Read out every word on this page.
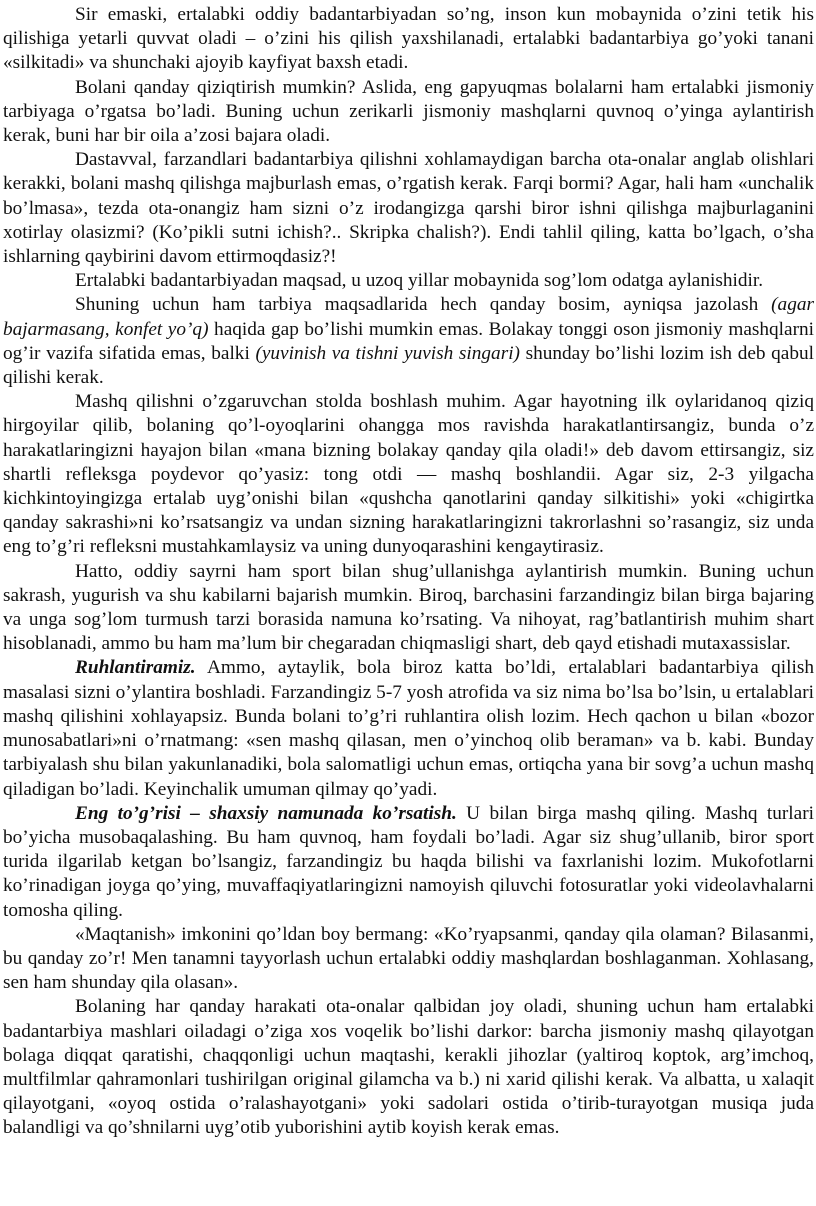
Sir emaski, ertalabki oddiy badantarbiyadan so’ng, inson kun mobaynida o’zini tetik his qilishiga yetarli quvvat oladi – o’zini his qilish yaxshilanadi, ertalabki badantarbiya go’yoki tanani «silkitadi» va shunchaki ajoyib kayfiyat baxsh etadi.

Bolani qanday qiziqtirish mumkin? Aslida, eng gapyuqmas bolalarni ham ertalabki jismoniy tarbiyaga o’rgatsa bo’ladi. Buning uchun zerikarli jismoniy mashqlarni quvnoq o’yinga aylantirish kerak, buni har bir oila a’zosi bajara oladi.

Dastavval, farzandlari badantarbiya qilishni xohlamaydigan barcha ota-onalar anglab olishlari kerakki, bolani mashq qilishga majburlash emas, o’rgatish kerak. Farqi bormi? Agar, hali ham «unchalik bo’lmasa», tezda ota-onangiz ham sizni o’z irodangizga qarshi biror ishni qilishga majburlaganini xotirlay olasizmi? (Ko’pikli sutni ichish?.. Skripka chalish?). Endi tahlil qiling, katta bo’lgach, o’sha ishlarning qaybirini davom ettirmoqdasiz?!

Ertalabki badantarbiyadan maqsad, u uzoq yillar mobaynida sog’lom odatga aylanishidir.

Shuning uchun ham tarbiya maqsadlarida hech qanday bosim, ayniqsa jazolash (agar bajarmasang, konfet yo’q) haqida gap bo’lishi mumkin emas. Bolakay tonggi oson jismoniy mashqlarni og’ir vazifa sifatida emas, balki (yuvinish va tishni yuvish singari) shunday bo’lishi lozim ish deb qabul qilishi kerak.

Mashq qilishni o’zgaruvchan stolda boshlash muhim. Agar hayotning ilk oylaridanoq qiziq hirgoyilar qilib, bolaning qo’l-oyoqlarini ohangga mos ravishda harakatlantirsangiz, bunda o’z harakatlaringizni hayajon bilan «mana bizning bolakay qanday qila oladi!» deb davom ettirsangiz, siz shartli refleksga poydevor qo’yasiz: tong otdi — mashq boshlandii. Agar siz, 2-3 yilgacha kichkintoyingizga ertalab uyg’onishi bilan «qushcha qanotlarini qanday silkitishi» yoki «chigirtka qanday sakrashi»ni ko’rsatsangiz va undan sizning harakatlaringizni takrorlashni so’rasangiz, siz unda eng to’g’ri refleksni mustahkamlaysiz va uning dunyoqarashini kengaytirasiz.

Hatto, oddiy sayrni ham sport bilan shug’ullanishga aylantirish mumkin. Buning uchun sakrash, yugurish va shu kabilarni bajarish mumkin. Biroq, barchasini farzandingiz bilan birga bajaring va unga sog’lom turmush tarzi borasida namuna ko’rsating. Va nihoyat, rag’batlantirish muhim shart hisoblanadi, ammo bu ham ma’lum bir chegaradan chiqmasligi shart, deb qayd etishadi mutaxassislar.

Ruhlantiramiz. Ammo, aytaylik, bola biroz katta bo’ldi, ertalablari badantarbiya qilish masalasi sizni o’ylantira boshladi. Farzandingiz 5-7 yosh atrofida va siz nima bo’lsa bo’lsin, u ertalablari mashq qilishini xohlayapsiz. Bunda bolani to’g’ri ruhlantira olish lozim. Hech qachon u bilan «bozor munosabatlari»ni o’rnatmang: «sen mashq qilasan, men o’yinchoq olib beraman» va b. kabi. Bunday tarbiyalash shu bilan yakunlanadiki, bola salomatligi uchun emas, ortiqcha yana bir sovg’a uchun mashq qiladigan bo’ladi. Keyinchalik umuman qilmay qo’yadi.

Eng to’g’risi – shaxsiy namunada ko’rsatish. U bilan birga mashq qiling. Mashq turlari bo’yicha musobaqalashing. Bu ham quvnoq, ham foydali bo’ladi. Agar siz shug’ullanib, biror sport turida ilgarilab ketgan bo’lsangiz, farzandingiz bu haqda bilishi va faxrlanishi lozim. Mukofotlarni ko’rinadigan joyga qo’ying, muvaffaqiyatlaringizni namoyish qiluvchi fotosuratlar yoki videolavhalarni tomosha qiling.

«Maqtanish» imkonini qo’ldan boy bermang: «Ko’ryapsanmi, qanday qila olaman? Bilasanmi, bu qanday zo’r! Men tanamni tayyorlash uchun ertalabki oddiy mashqlardan boshlaganman. Xohlasang, sen ham shunday qila olasan».

Bolaning har qanday harakati ota-onalar qalbidan joy oladi, shuning uchun ham ertalabki badantarbiya mashlari oiladagi o’ziga xos voqelik bo’lishi darkor: barcha jismoniy mashq qilayotgan bolaga diqqat qaratishi, chaqqonligi uchun maqtashi, kerakli jihozlar (yaltiroq koptok, arg’imchoq, multfilmlar qahramonlari tushirilgan original gilamcha va b.) ni xarid qilishi kerak. Va albatta, u xalaqit qilayotgani, «oyoq ostida o’ralashayotgani» yoki sadolari ostida o’tirib-turayotgan musiqa juda balandligi va qo’shnilarni uyg’otib yuborishini aytib koyish kerak emas.
